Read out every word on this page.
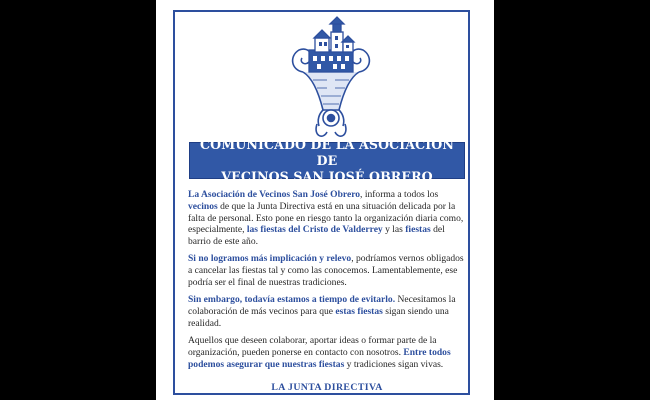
COMUNICADO DE LA ASOCIACIÓN DE
VECINOS SAN JOSÉ OBRERO

La Asociación de Vecinos San José Obrero, informa a todos los vecinos de que la Junta Directiva está en una situación delicada por la falta de personal. Esto pone en riesgo tanto la organización diaria como, especialmente, las fiestas del Cristo de Valderrey y las fiestas del barrio de este año.

Si no logramos más implicación y relevo, podríamos vernos obligados a cancelar las fiestas tal y como las conocemos. Lamentablemente, ese podría ser el final de nuestras tradiciones.

Sin embargo, todavía estamos a tiempo de evitarlo. Necesitamos la colaboración de más vecinos para que estas fiestas sigan siendo una realidad.

Aquellos que deseen colaborar, aportar ideas o formar parte de la organización, pueden ponerse en contacto con nosotros. Entre todos podemos asegurar que nuestras fiestas y tradiciones sigan vivas.

LA JUNTA DIRECTIVA
